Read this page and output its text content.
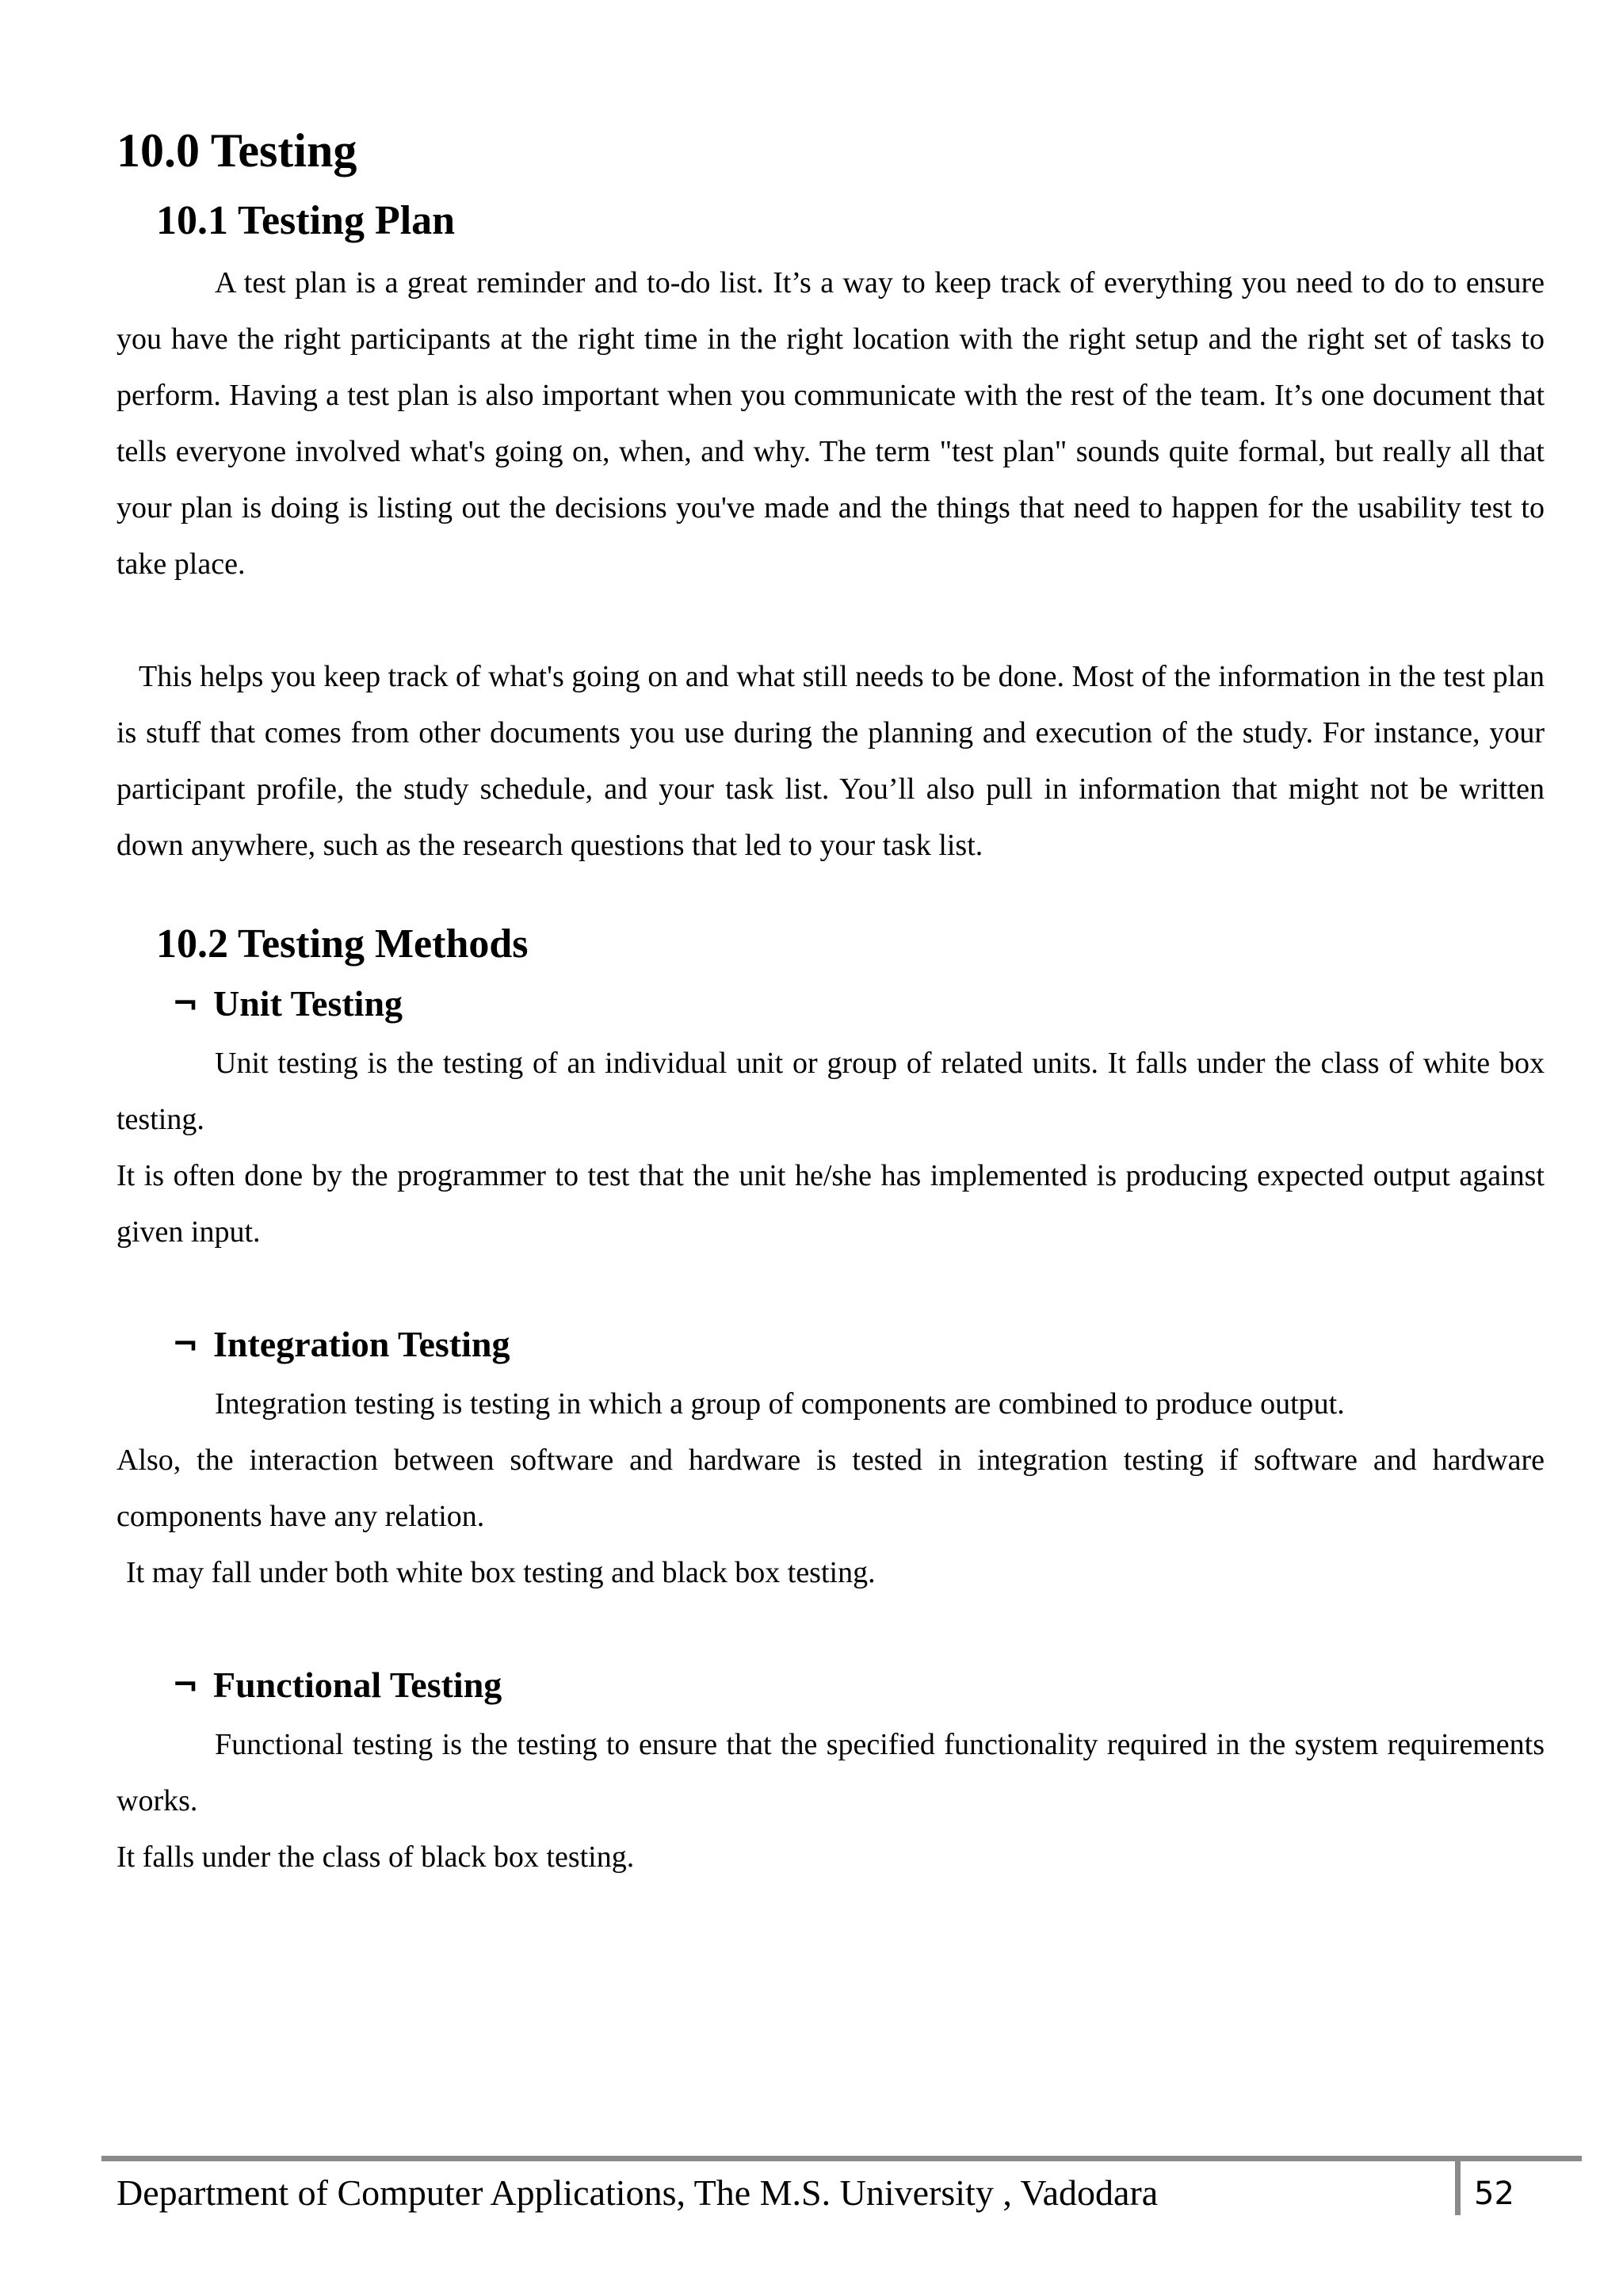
10.0 Testing
10.1 Testing Plan

A test plan is a great reminder and to-do list. It’s a way to keep track of everything you need to do to ensure you have the right participants at the right time in the right location with the right setup and the right set of tasks to perform. Having a test plan is also important when you communicate with the rest of the team. It’s one document that tells everyone involved what's going on, when, and why. The term "test plan" sounds quite formal, but really all that your plan is doing is listing out the decisions you've made and the things that need to happen for the usability test to take place.

This helps you keep track of what's going on and what still needs to be done. Most of the information in the test plan is stuff that comes from other documents you use during the planning and execution of the study. For instance, your participant profile, the study schedule, and your task list. You’ll also pull in information that might not be written down anywhere, such as the research questions that led to your task list.

10.2 Testing Methods
¬ Unit Testing

Unit testing is the testing of an individual unit or group of related units. It falls under the class of white box testing.

It is often done by the programmer to test that the unit he/she has implemented is producing expected output against given input.

¬ Integration Testing

Integration testing is testing in which a group of components are combined to produce output.

Also, the interaction between software and hardware is tested in integration testing if software and hardware components have any relation.

It may fall under both white box testing and black box testing.

¬ Functional Testing

Functional testing is the testing to ensure that the specified functionality required in the system requirements works.

It falls under the class of black box testing.

Department of Computer Applications, The M.S. University , Vadodara	52
